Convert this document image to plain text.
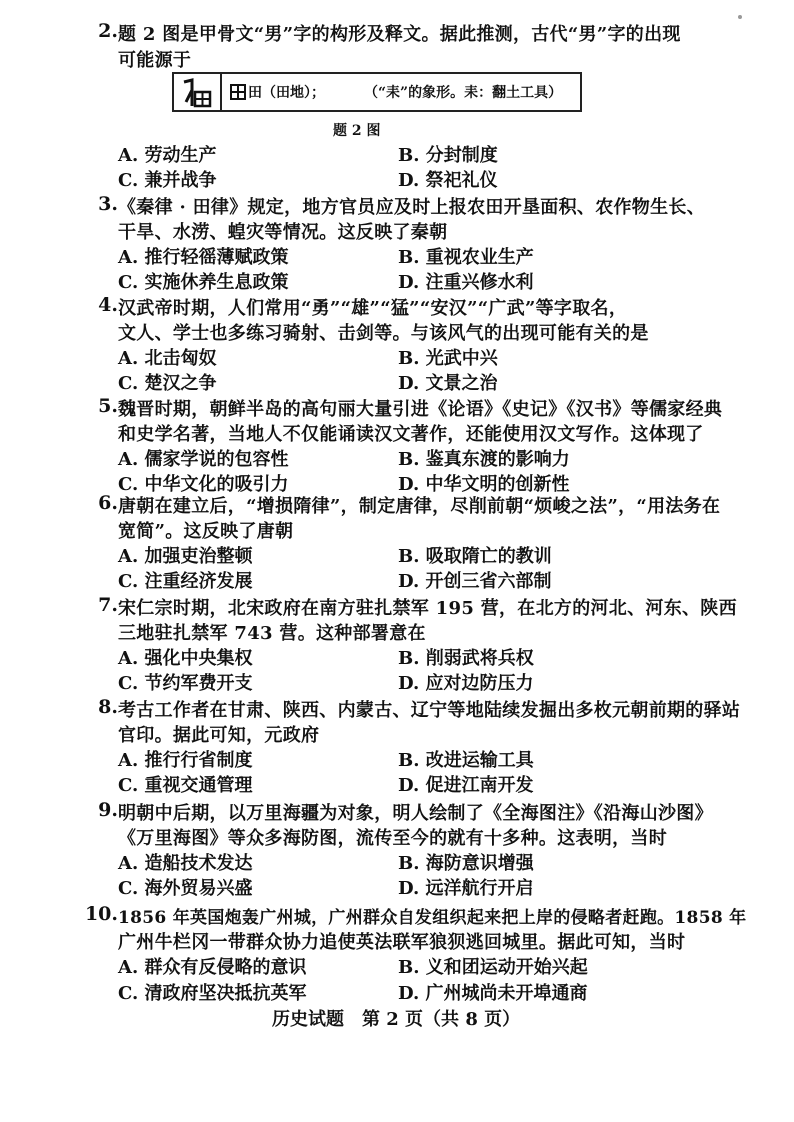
2. 题 2 图是甲骨文“男”字的构形及释文。据此推测，古代“男”字的出现
可能源于
田（田地）；	（“耒”的象形。耒：翻土工具）
题 2 图
A. 劳动生产	B. 分封制度
C. 兼并战争	D. 祭祀礼仪
3. 《秦律 · 田律》规定，地方官员应及时上报农田开垦面积、农作物生长、
干旱、水涝、蝗灾等情况。这反映了秦朝
A. 推行轻徭薄赋政策	B. 重视农业生产
C. 实施休养生息政策	D. 注重兴修水利
4. 汉武帝时期，人们常用“勇”“雄”“猛”“安汉”“广武”等字取名，
文人、学士也多练习骑射、击剑等。与该风气的出现可能有关的是
A. 北击匈奴	B. 光武中兴
C. 楚汉之争	D. 文景之治
5. 魏晋时期，朝鲜半岛的高句丽大量引进《论语》《史记》《汉书》等儒家经典
和史学名著，当地人不仅能诵读汉文著作，还能使用汉文写作。这体现了
A. 儒家学说的包容性	B. 鉴真东渡的影响力
C. 中华文化的吸引力	D. 中华文明的创新性
6. 唐朝在建立后，“增损隋律”，制定唐律，尽削前朝“烦峻之法”，“用法务在
宽简”。这反映了唐朝
A. 加强吏治整顿	B. 吸取隋亡的教训
C. 注重经济发展	D. 开创三省六部制
7. 宋仁宗时期，北宋政府在南方驻扎禁军 195 营，在北方的河北、河东、陕西
三地驻扎禁军 743 营。这种部署意在
A. 强化中央集权	B. 削弱武将兵权
C. 节约军费开支	D. 应对边防压力
8. 考古工作者在甘肃、陕西、内蒙古、辽宁等地陆续发掘出多枚元朝前期的驿站
官印。据此可知，元政府
A. 推行行省制度	B. 改进运输工具
C. 重视交通管理	D. 促进江南开发
9. 明朝中后期，以万里海疆为对象，明人绘制了《全海图注》《沿海山沙图》
《万里海图》等众多海防图，流传至今的就有十多种。这表明，当时
A. 造船技术发达	B. 海防意识增强
C. 海外贸易兴盛	D. 远洋航行开启
10. 1856 年英国炮轰广州城，广州群众自发组织起来把上岸的侵略者赶跑。1858 年
广州牛栏冈一带群众协力追使英法联军狼狈逃回城里。据此可知，当时
A. 群众有反侵略的意识	B. 义和团运动开始兴起
C. 清政府坚决抵抗英军	D. 广州城尚未开埠通商
历史试题　第 2 页（共 8 页）
